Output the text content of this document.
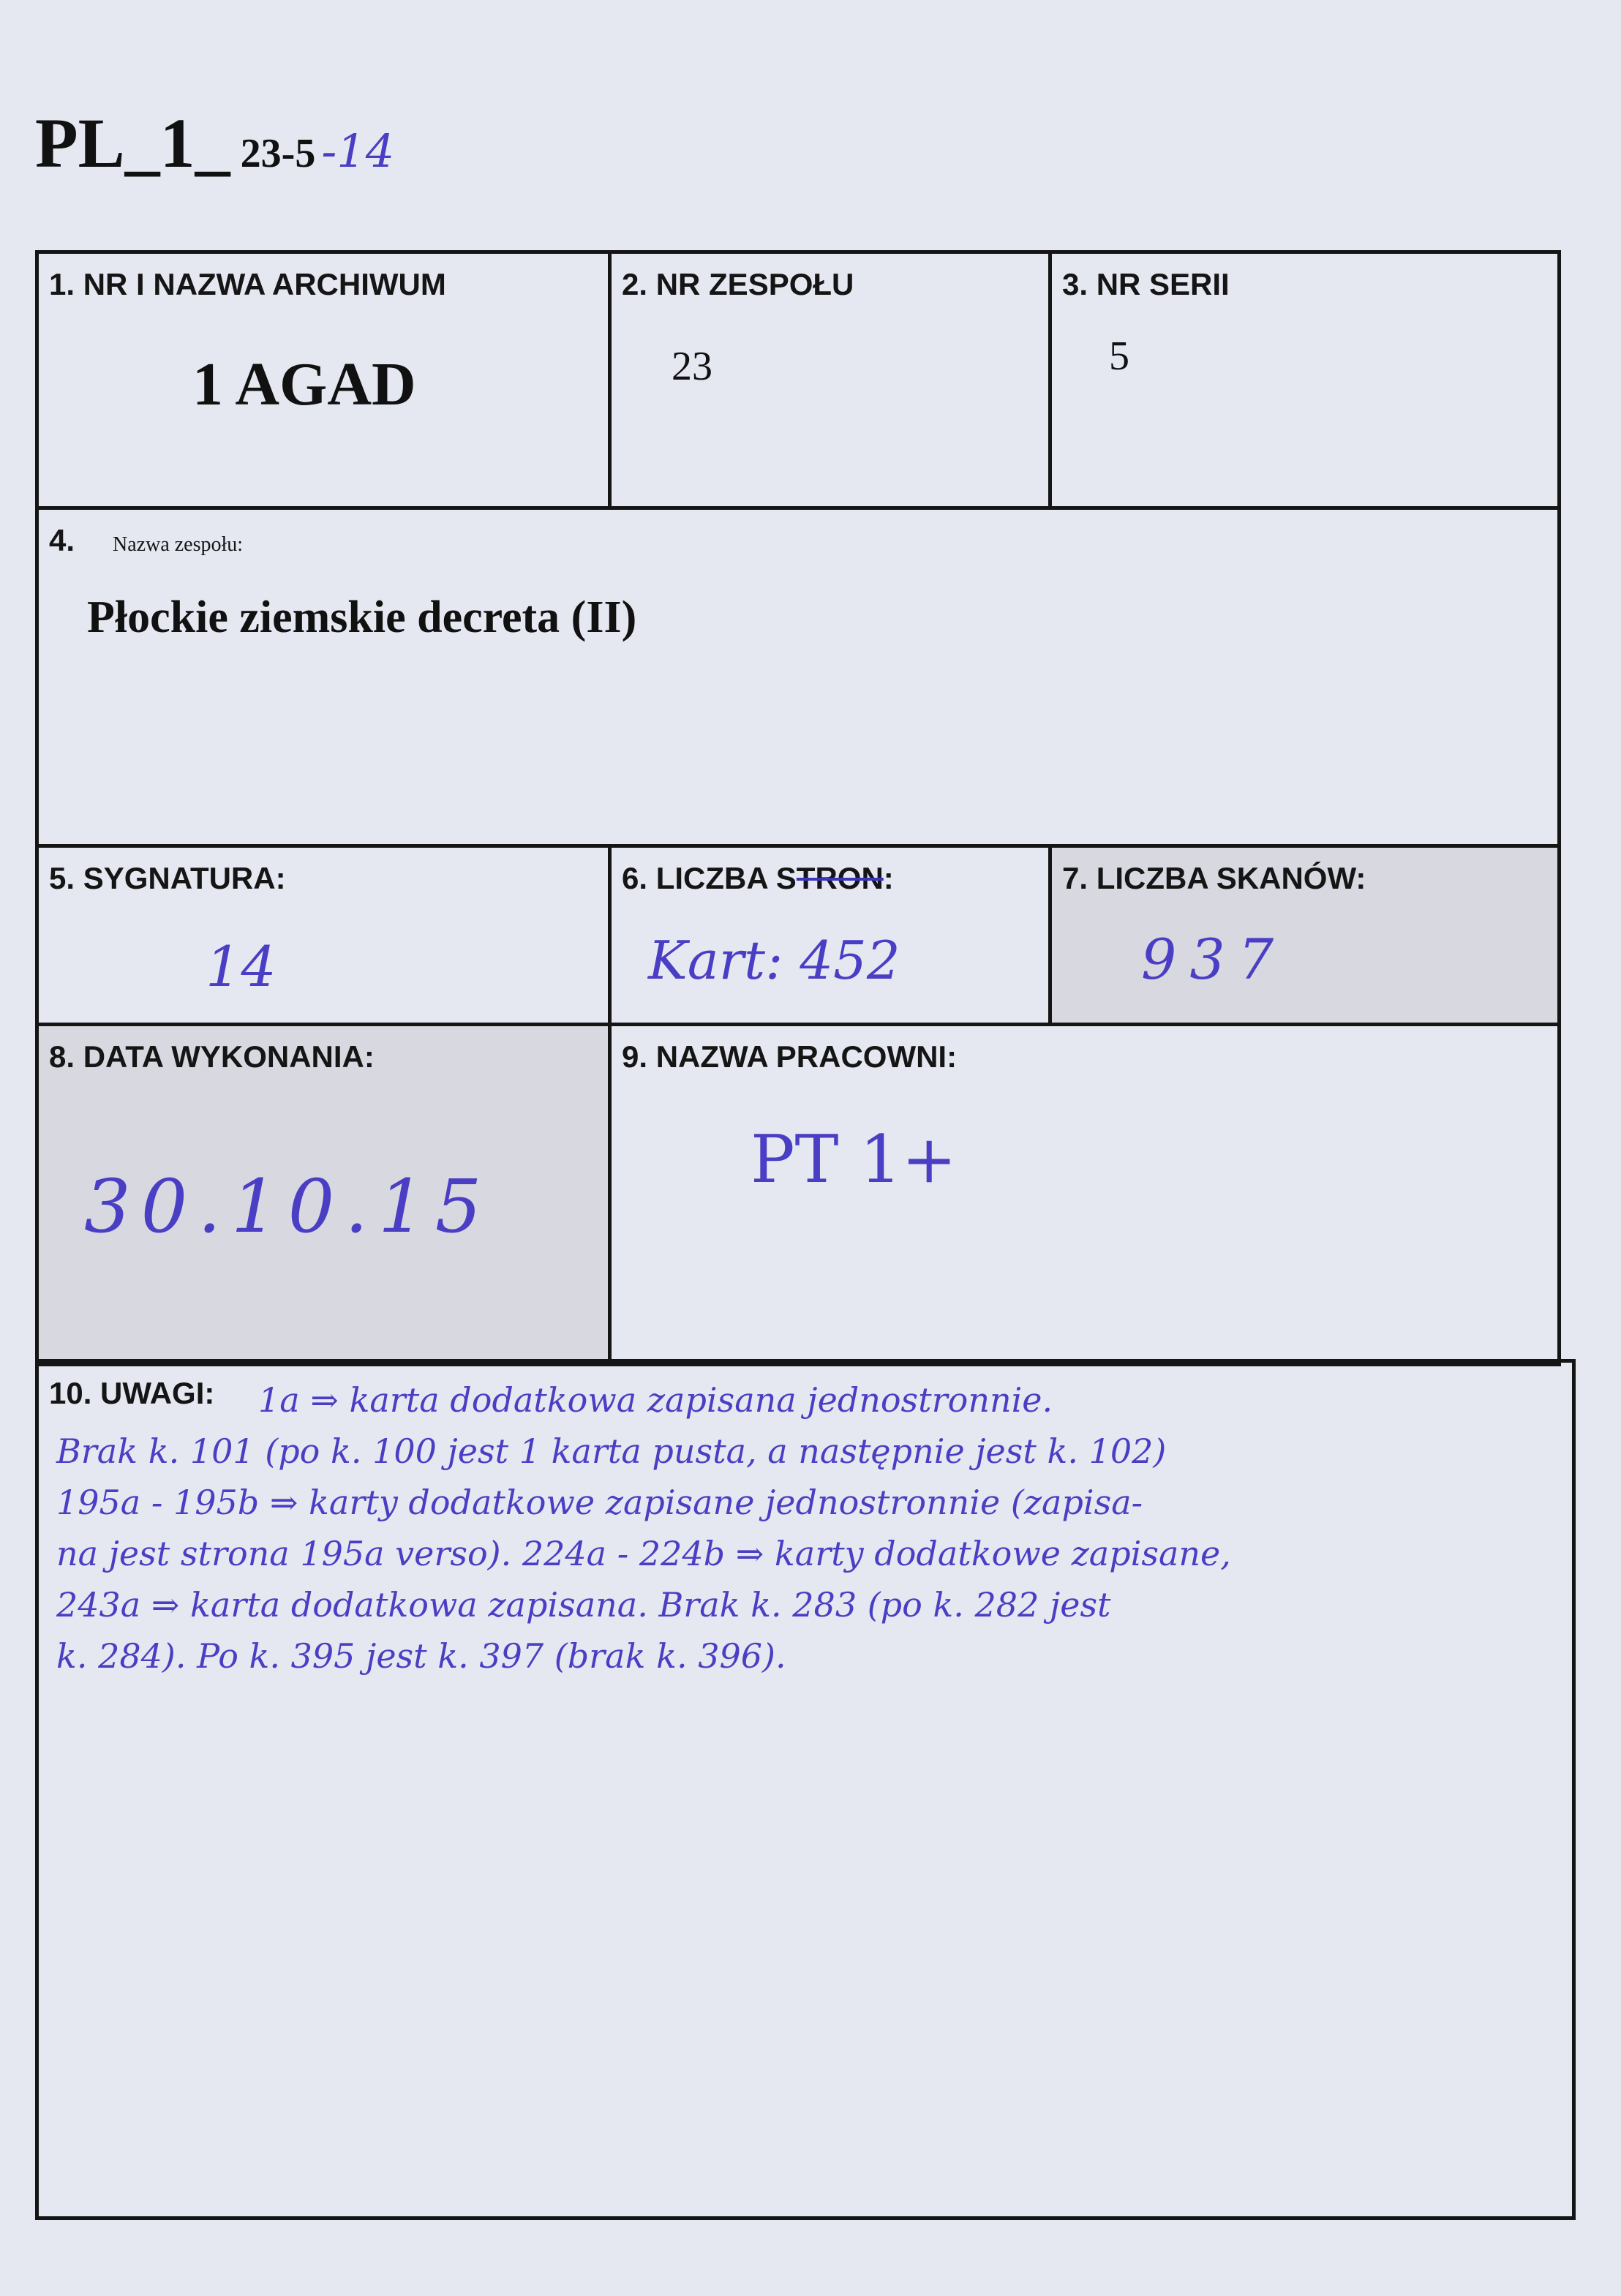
PL_1_ 23-5 -14
1. NR I NAZWA ARCHIWUM
1 AGAD
2. NR ZESPOŁU
23
3. NR SERII
5
4. Nazwa zespołu:
Płockie ziemskie decreta (II)
5. SYGNATURA:
14
6. LICZBA STRON:
Kart: 452
7. LICZBA SKANÓW:
937
8. DATA WYKONANIA:
30.10.15
9. NAZWA PRACOWNI:
PT 1+
10. UWAGI: 1a ⇒ karta dodatkowa zapisana jednostronnie.
Brak k. 101 (po k. 100 jest 1 karta pusta, a następnie jest k. 102)
195a - 195b ⇒ karty dodatkowe zapisane jednostronnie (zapisa-
na jest strona 195a verso). 224a - 224b ⇒ karty dodatkowe zapisane,
243a ⇒ karta dodatkowa zapisana. Brak k. 283 (po k. 282 jest
k. 284). Po k. 395 jest k. 397 (brak k. 396).
